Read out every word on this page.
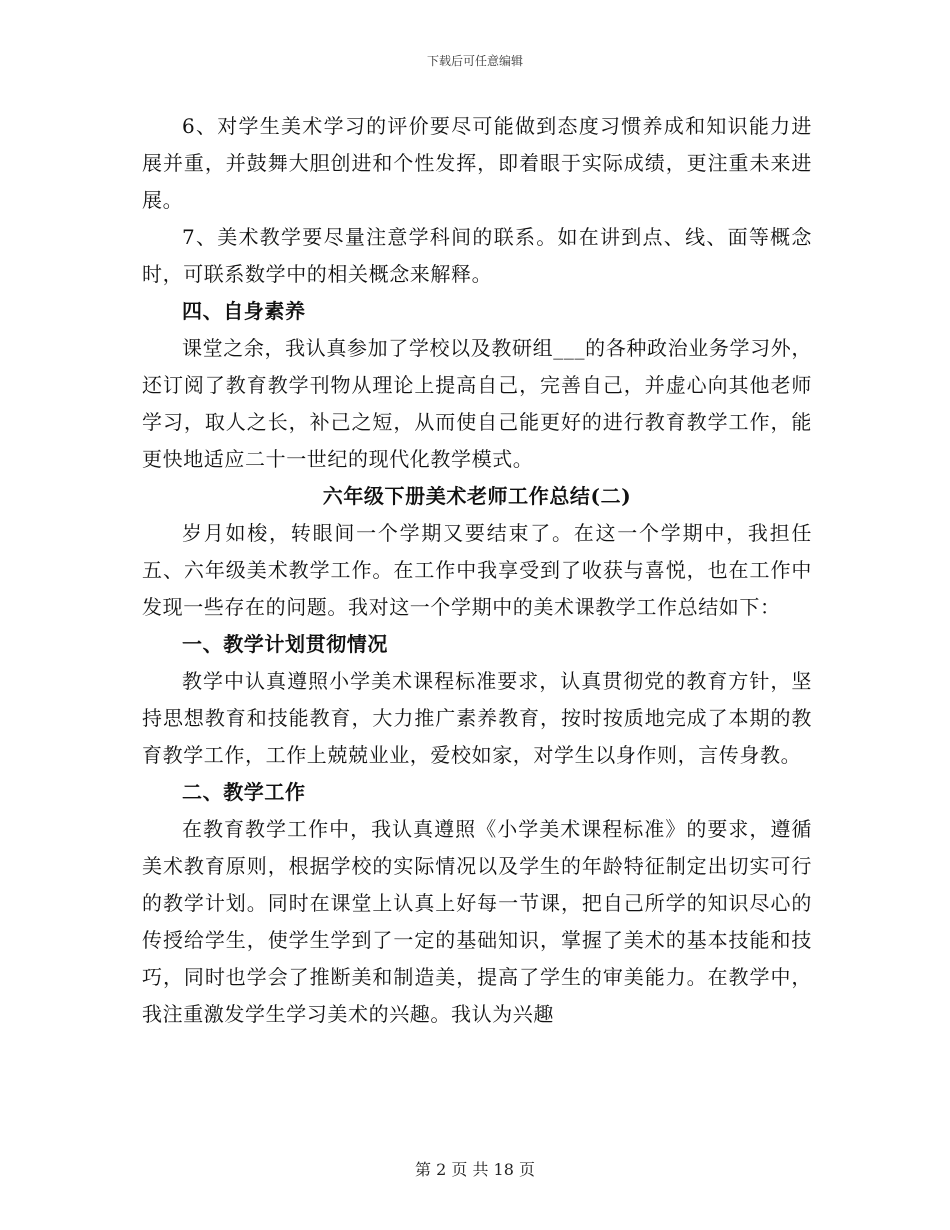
下载后可任意编辑

6、对学生美术学习的评价要尽可能做到态度习惯养成和知识能力进展并重，并鼓舞大胆创进和个性发挥，即着眼于实际成绩，更注重未来进展。

7、美术教学要尽量注意学科间的联系。如在讲到点、线、面等概念时，可联系数学中的相关概念来解释。

四、自身素养

课堂之余，我认真参加了学校以及教研组___的各种政治业务学习外，还订阅了教育教学刊物从理论上提高自己，完善自己，并虚心向其他老师学习，取人之长，补己之短，从而使自己能更好的进行教育教学工作，能更快地适应二十一世纪的现代化教学模式。

六年级下册美术老师工作总结(二)

岁月如梭，转眼间一个学期又要结束了。在这一个学期中，我担任五、六年级美术教学工作。在工作中我享受到了收获与喜悦，也在工作中发现一些存在的问题。我对这一个学期中的美术课教学工作总结如下：

一、教学计划贯彻情况

教学中认真遵照小学美术课程标准要求，认真贯彻党的教育方针，坚持思想教育和技能教育，大力推广素养教育，按时按质地完成了本期的教育教学工作，工作上兢兢业业，爱校如家，对学生以身作则，言传身教。

二、教学工作

在教育教学工作中，我认真遵照《小学美术课程标准》的要求，遵循美术教育原则，根据学校的实际情况以及学生的年龄特征制定出切实可行的教学计划。同时在课堂上认真上好每一节课，把自己所学的知识尽心的传授给学生，使学生学到了一定的基础知识，掌握了美术的基本技能和技巧，同时也学会了推断美和制造美，提高了学生的审美能力。在教学中，我注重激发学生学习美术的兴趣。我认为兴趣

第 2 页 共 18 页
